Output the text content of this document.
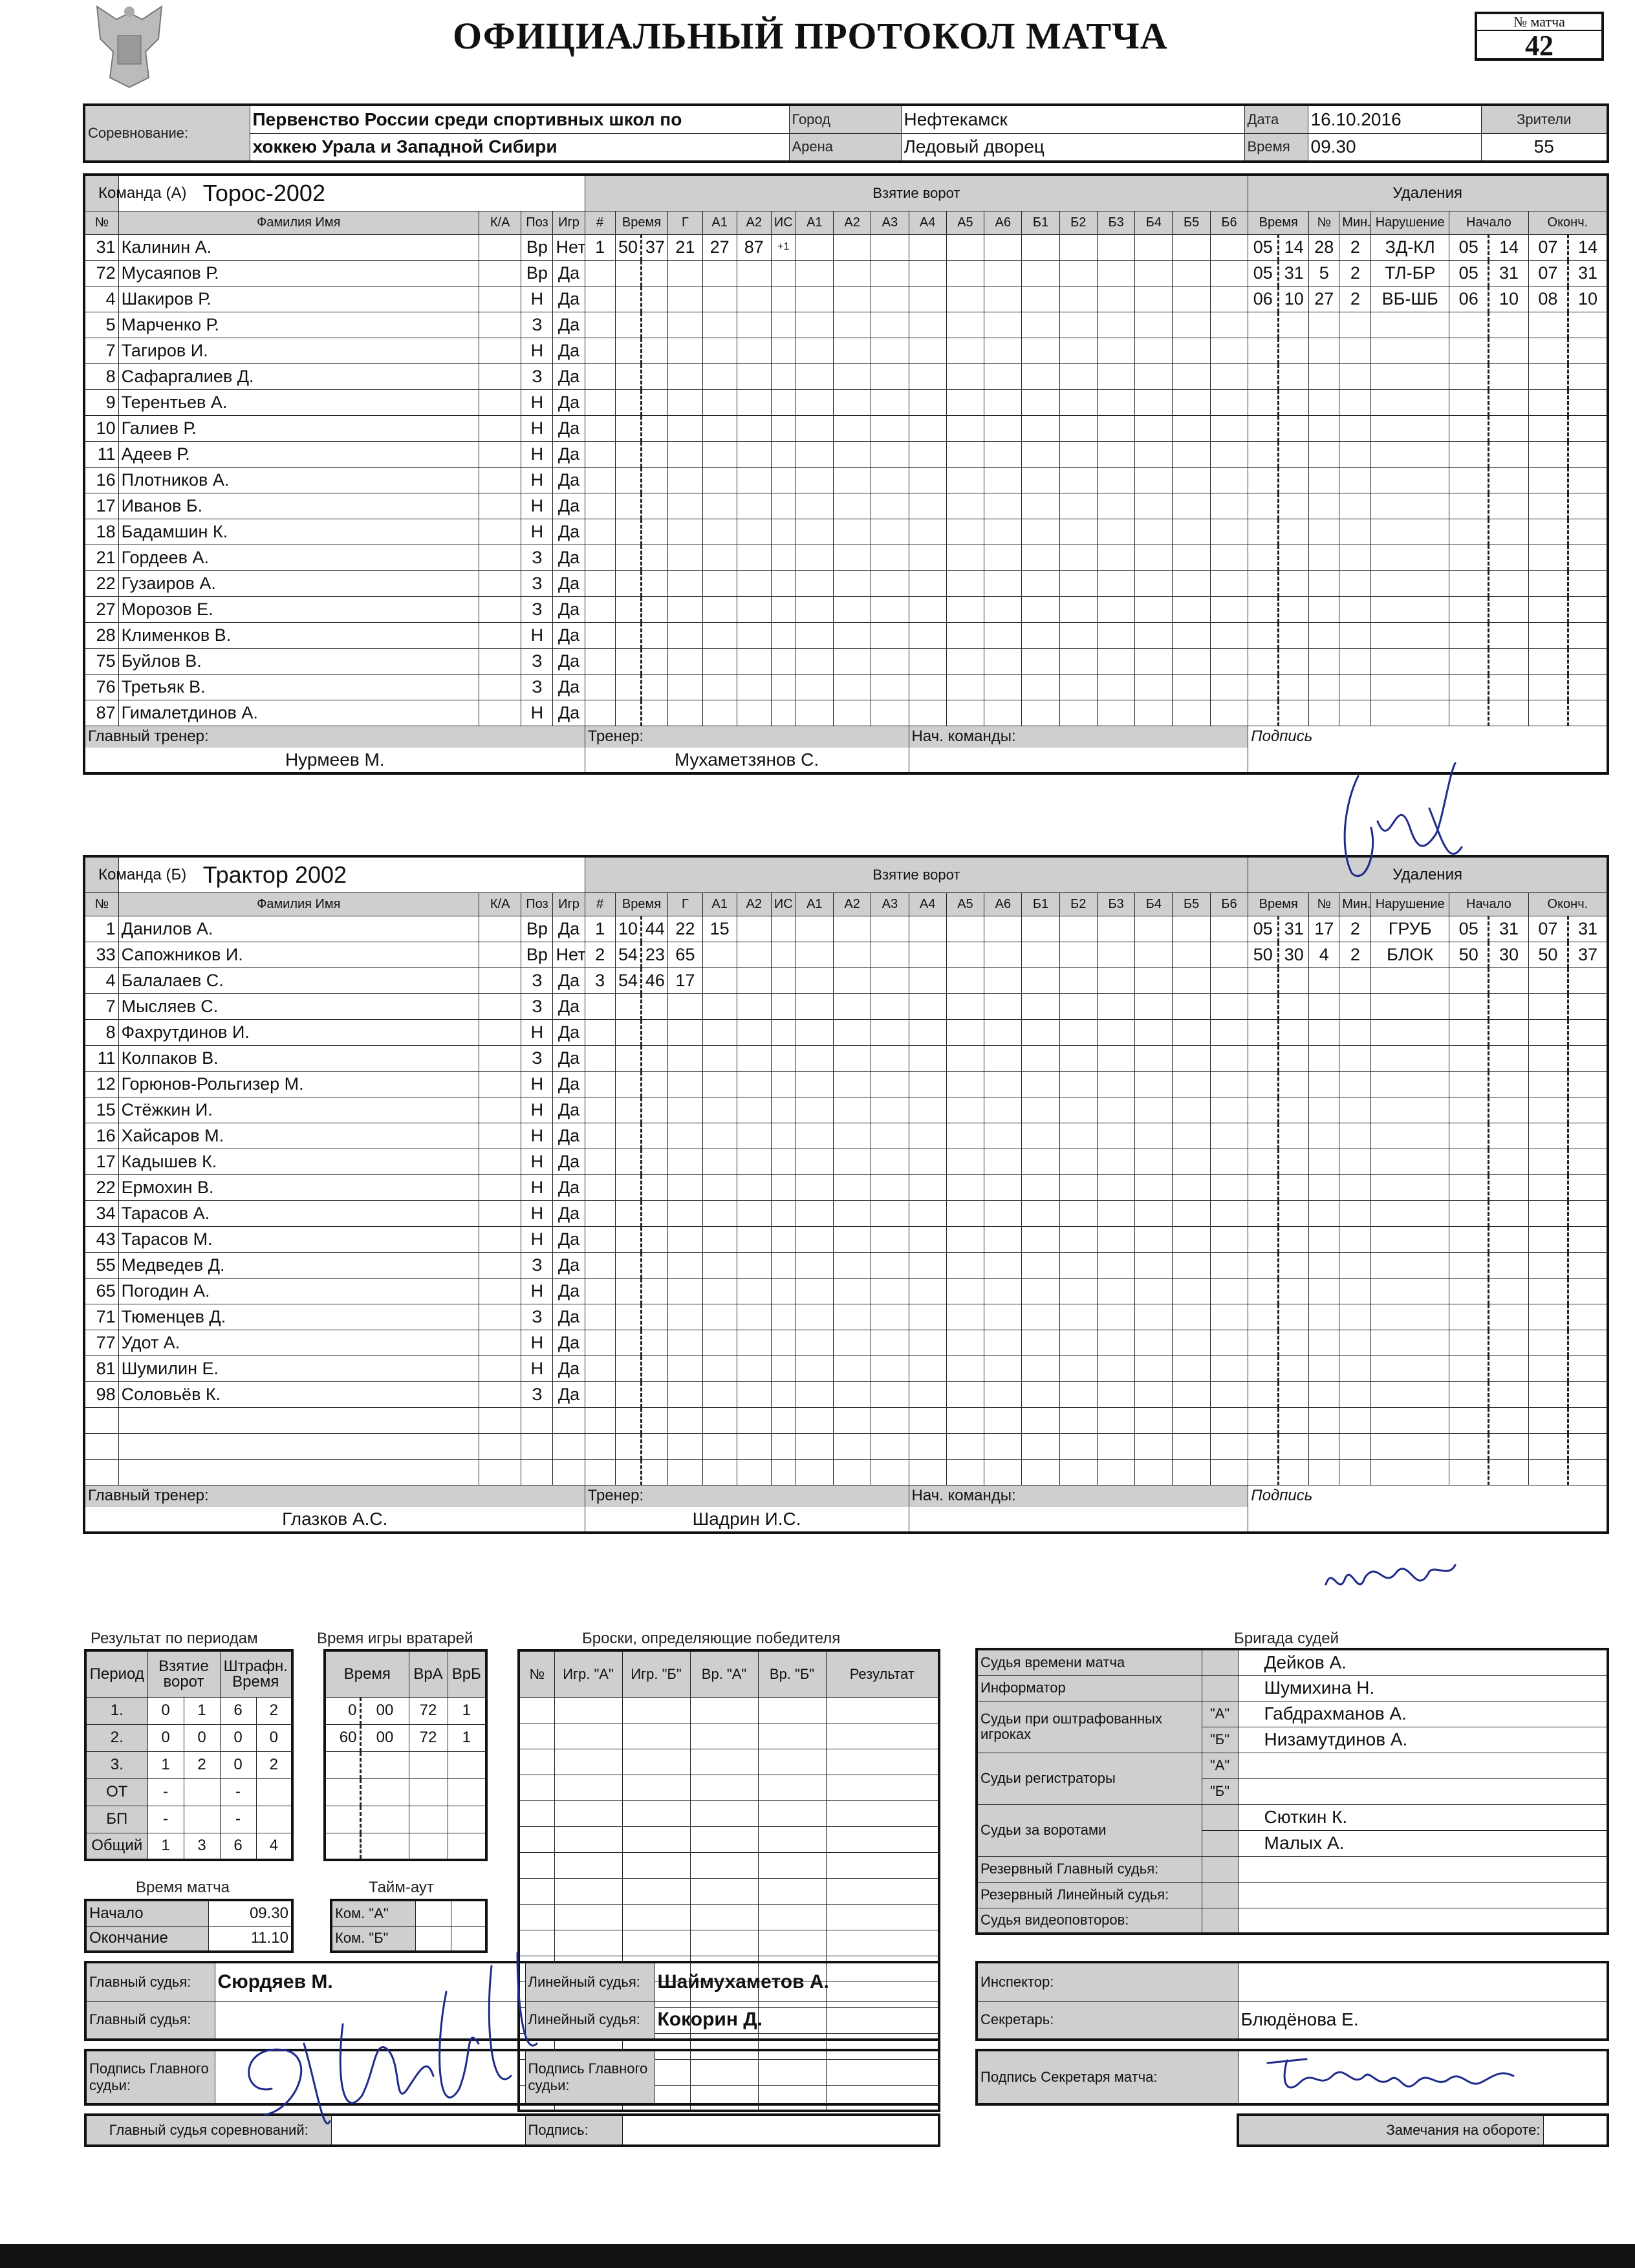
ОФИЦИАЛЬНЫЙ ПРОТОКОЛ МАТЧА	№ матча
42
Соревнование:	Первенство России среди спортивных школ по	Город	Нефтекамск	Дата	16.10.2016	Зрители
	хоккею Урала и Западной Сибири	Арена	Ледовый дворец	Время	09.30	55
Команда (А)	Торос-2002				Взятие ворот																			Удаления								
№	Фамилия Имя	К/А	Поз	Игр	#	Время		Г	А1	А2	ИС	А1	А2	А3	А4	А5	А6	Б1	Б2	Б3	Б4	Б5	Б6	Время		№	Мин.	Нарушение	Начало		Оконч.	
31	Калинин А.		Вр	Нет	1	50	37	21	27	87	+1													05	14	28	2	ЗД-КЛ	05	14	07	14
72	Мусаяпов Р.		Вр	Да																				05	31	5	2	ТЛ-БР	05	31	07	31
4	Шакиров Р.		Н	Да																				06	10	27	2	ВБ-ШБ	06	10	08	10
5	Марченко Р.		З	Да																												
7	Тагиров И.		Н	Да																												
8	Сафаргалиев Д.		З	Да																												
9	Терентьев А.		Н	Да																												
10	Галиев Р.		Н	Да																												
11	Адеев Р.		Н	Да																												
16	Плотников А.		Н	Да																												
17	Иванов Б.		Н	Да																												
18	Бадамшин К.		Н	Да																												
21	Гордеев А.		З	Да																												
22	Гузаиров А.		З	Да																												
27	Морозов Е.		З	Да																												
28	Клименков В.		Н	Да																												
75	Буйлов В.		З	Да																												
76	Третьяк В.		З	Да																												
87	Гималетдинов А.		Н	Да																												
Главный тренер:					Тренер:										Нач. команды:									Подпись								
Нурмеев М.					Мухаметзянов С.																											
Команда (Б)	Трактор 2002				Взятие ворот																			Удаления								
№	Фамилия Имя	К/А	Поз	Игр	#	Время		Г	А1	А2	ИС	А1	А2	А3	А4	А5	А6	Б1	Б2	Б3	Б4	Б5	Б6	Время		№	Мин.	Нарушение	Начало		Оконч.	
1	Данилов А.		Вр	Да	1	10	44	22	15															05	31	17	2	ГРУБ	05	31	07	31
33	Сапожников И.		Вр	Нет	2	54	23	65																50	30	4	2	БЛОК	50	30	50	37
4	Балалаев С.		З	Да	3	54	46	17																								
7	Мысляев С.		З	Да																												
8	Фахрутдинов И.		Н	Да																												
11	Колпаков В.		З	Да																												
12	Горюнов-Рольгизер М.		Н	Да																												
15	Стёжкин И.		Н	Да																												
16	Хайсаров М.		Н	Да																												
17	Кадышев К.		Н	Да																												
22	Ермохин В.		Н	Да																												
34	Тарасов А.		Н	Да																												
43	Тарасов М.		Н	Да																												
55	Медведев Д.		З	Да																												
65	Погодин А.		Н	Да																												
71	Тюменцев Д.		З	Да																												
77	Удот А.		Н	Да																												
81	Шумилин Е.		Н	Да																												
98	Соловьёв К.		З	Да																												

Главный тренер:					Тренер:										Нач. команды:									Подпись								
Глазков А.С.					Шадрин И.С.																											
Результат по периодам
Период	Взятие ворот		Штрафн. Время	
1.	0	1	6	2
2.	0	0	0	0
3.	1	2	0	2
ОТ	-		-	
БП	-		-	
Общий	1	3	6	4
Время игры вратарей
Время		ВрА	ВрБ
0	00	72	1
60	00	72	1

Время матча
Начало	09.30
Окончание	11.10
Тайм-аут
Ком. "А"		
Ком. "Б"		
Броски, определяющие победителя
№	Игр. "А"	Игр. "Б"	Вр. "А"	Вр. "Б"	Результат

Бригада судей
Судья времени матча		Дейков А.
Информатор		Шумихина Н.
Судьи при оштрафованных игроках	"А"	Габдрахманов А.
	"Б"	Низамутдинов А.
Судьи регистраторы	"А"	
	"Б"	
Судьи за воротами		Сюткин К.
		Малых А.
Резервный Главный судья:		
Резервный Линейный судья:		
Судья видеоповторов:		
Главный судья:	Сюрдяев М.	Линейный судья:	Шаймухаметов А.
Главный судья:		Линейный судья:	Кокорин Д.
Подпись Главного судьи:		Подпись Главного судьи:	
Главный судья соревнований:		Подпись:	
Инспектор:	
Секретарь:	Блюдёнова Е.
Подпись Секретаря матча:	
Замечания на обороте:	
